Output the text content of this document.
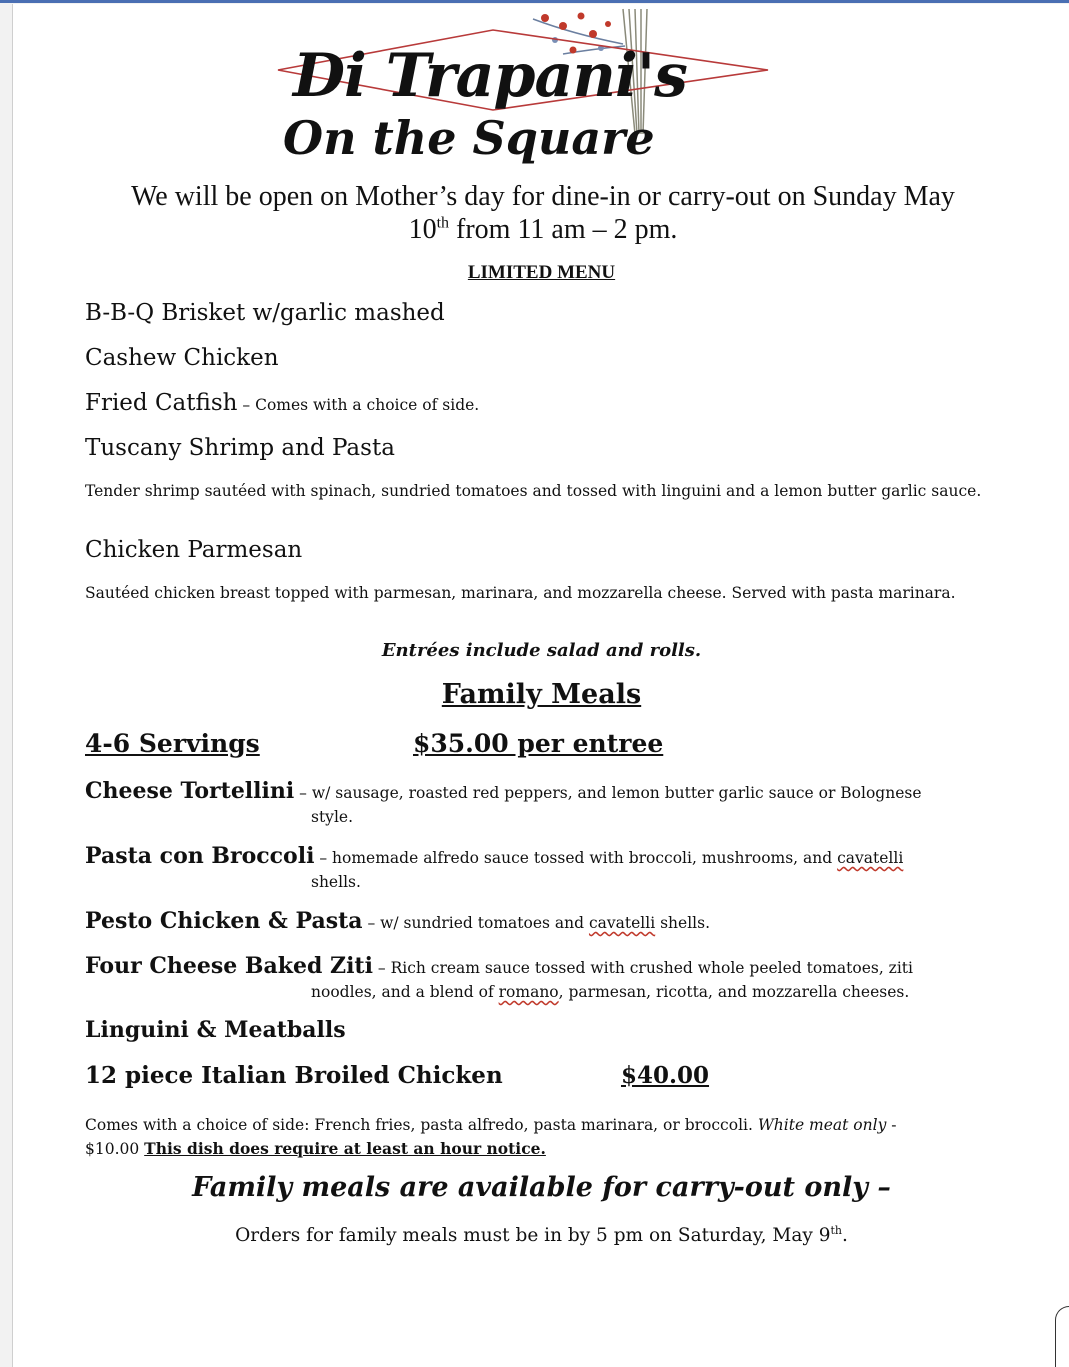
Di Trapani's
On the Square
We will be open on Mother’s day for dine-in or carry-out on Sunday May
10th from 11 am – 2 pm.
LIMITED MENU
B-B-Q Brisket w/garlic mashed
Cashew Chicken
Fried Catfish – Comes with a choice of side.
Tuscany Shrimp and Pasta
Tender shrimp sautéed with spinach, sundried tomatoes and tossed with linguini and a lemon butter garlic sauce.
Chicken Parmesan
Sautéed chicken breast topped with parmesan, marinara, and mozzarella cheese. Served with pasta marinara.
Entrées include salad and rolls.
Family Meals
4-6 Servings	$35.00 per entree
Cheese Tortellini – w/ sausage, roasted red peppers, and lemon butter garlic sauce or Bolognese
style.
Pasta con Broccoli – homemade alfredo sauce tossed with broccoli, mushrooms, and cavatelli
shells.
Pesto Chicken & Pasta – w/ sundried tomatoes and cavatelli shells.
Four Cheese Baked Ziti – Rich cream sauce tossed with crushed whole peeled tomatoes, ziti
noodles, and a blend of romano, parmesan, ricotta, and mozzarella cheeses.
Linguini & Meatballs
12 piece Italian Broiled Chicken	$40.00
Comes with a choice of side: French fries, pasta alfredo, pasta marinara, or broccoli. White meat only -
$10.00 This dish does require at least an hour notice.
Family meals are available for carry-out only –
Orders for family meals must be in by 5 pm on Saturday, May 9th.
